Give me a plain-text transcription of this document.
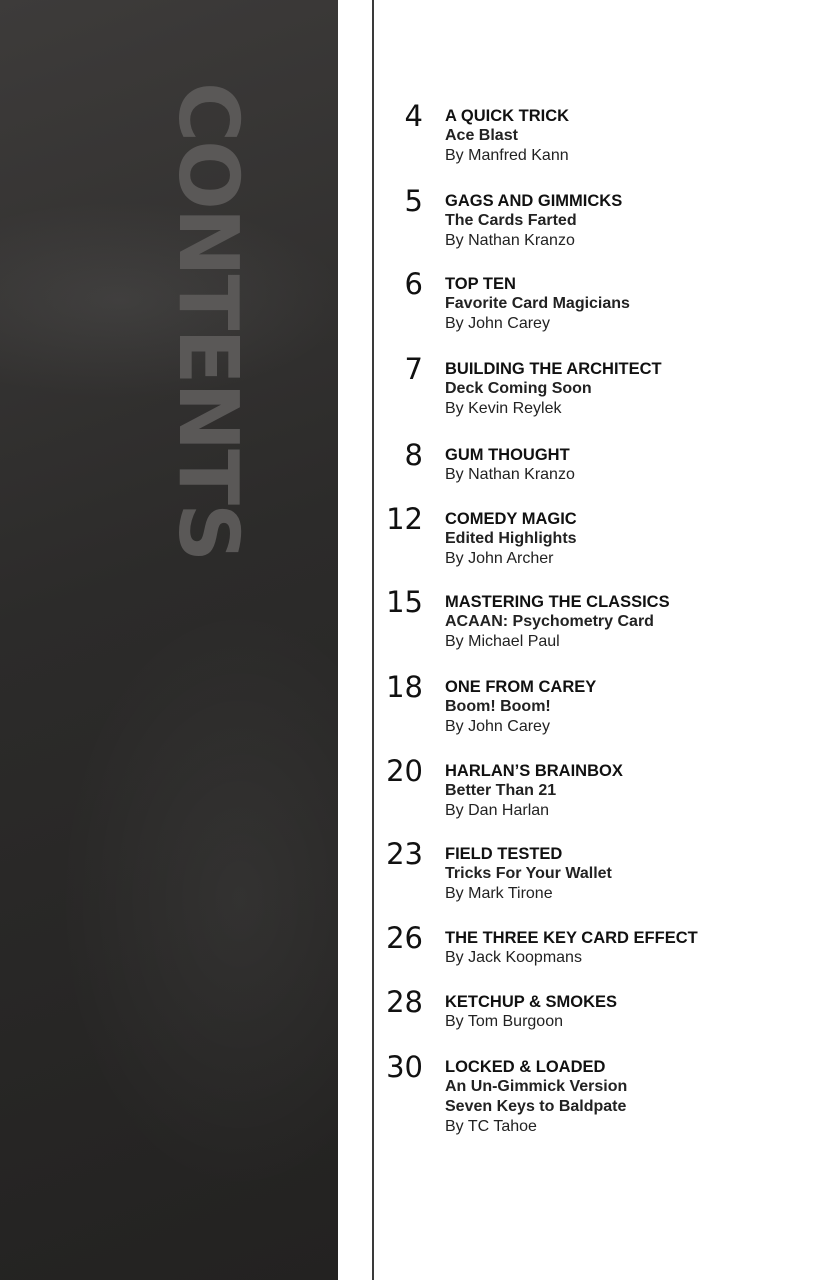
CONTENTS	4 A QUICK TRICK
Ace Blast
By Manfred Kann
5 GAGS AND GIMMICKS
The Cards Farted
By Nathan Kranzo
6 TOP TEN
Favorite Card Magicians
By John Carey
7 BUILDING THE ARCHITECT
Deck Coming Soon
By Kevin Reylek
8 GUM THOUGHT
By Nathan Kranzo
12 COMEDY MAGIC
Edited Highlights
By John Archer
15 MASTERING THE CLASSICS
ACAAN: Psychometry Card
By Michael Paul
18 ONE FROM CAREY
Boom! Boom!
By John Carey
20 HARLAN’S BRAINBOX
Better Than 21
By Dan Harlan
23 FIELD TESTED
Tricks For Your Wallet
By Mark Tirone
26 THE THREE KEY CARD EFFECT
By Jack Koopmans
28 KETCHUP & SMOKES
By Tom Burgoon
30 LOCKED & LOADED
An Un-Gimmick Version
Seven Keys to Baldpate
By TC Tahoe
